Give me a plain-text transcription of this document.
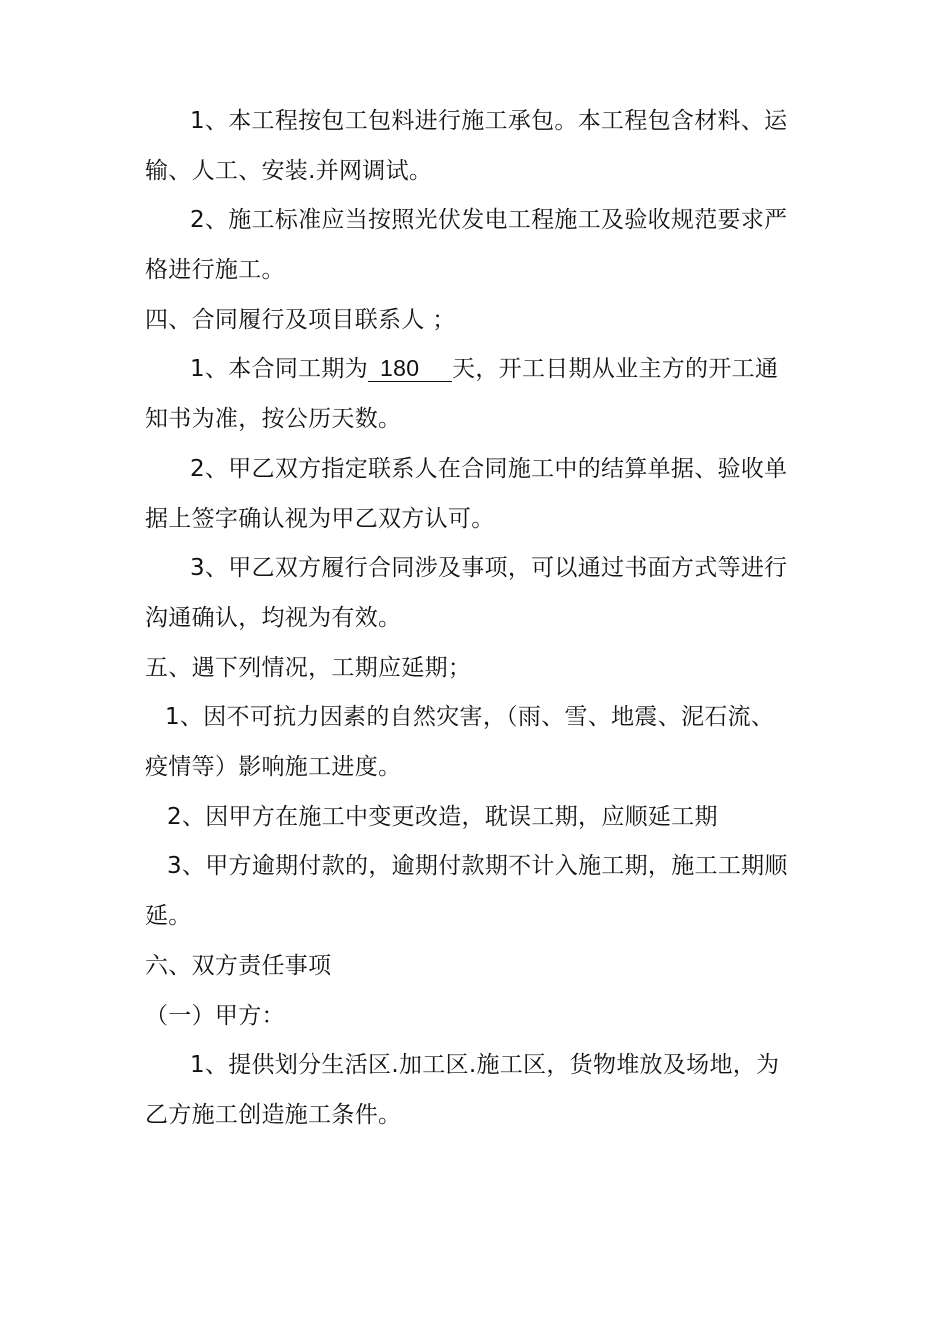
1、本工程按包工包料进行施工承包。本工程包含材料、运
输、人工、安装.并网调试。
2、施工标准应当按照光伏发电工程施工及验收规范要求严
格进行施工。
四、合同履行及项目联系人 ；
1、本合同工期为 180 天，开工日期从业主方的开工通
知书为准，按公历天数。
2、甲乙双方指定联系人在合同施工中的结算单据、验收单
据上签字确认视为甲乙双方认可。
3、甲乙双方履行合同涉及事项，可以通过书面方式等进行
沟通确认，均视为有效。
五、遇下列情况，工期应延期；
1、因不可抗力因素的自然灾害，（雨、雪、地震、泥石流、
疫情等）影响施工进度。
2、因甲方在施工中变更改造，耽误工期，应顺延工期
3、甲方逾期付款的，逾期付款期不计入施工期，施工工期顺
延。
六、双方责任事项
（一）甲方：
1、提供划分生活区.加工区.施工区，货物堆放及场地，为
乙方施工创造施工条件。
